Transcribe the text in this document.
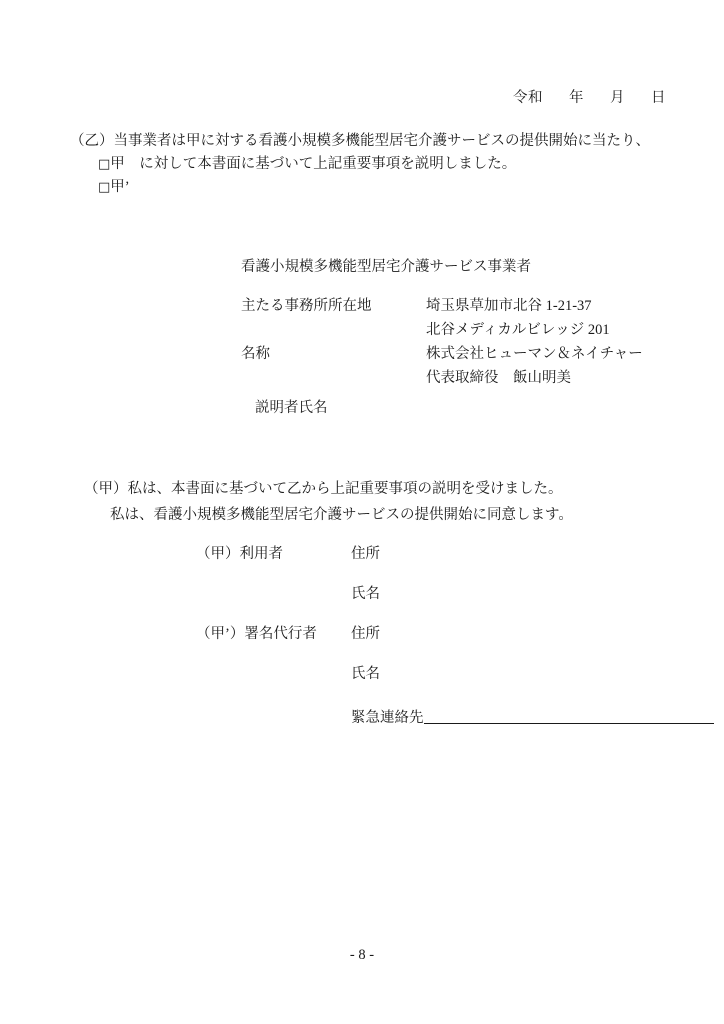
令和 年 月 日
（乙）当事業者は甲に対する看護小規模多機能型居宅介護サービスの提供開始に当たり、
□甲　に対して本書面に基づいて上記重要事項を説明しました。
□甲’
看護小規模多機能型居宅介護サービス事業者
主たる事務所所在地	埼玉県草加市北谷 1-21-37
北谷メディカルビレッジ 201
名称	株式会社ヒューマン＆ネイチャー
代表取締役　飯山明美
説明者氏名
（甲）私は、本書面に基づいて乙から上記重要事項の説明を受けました。
私は、看護小規模多機能型居宅介護サービスの提供開始に同意します。
（甲）利用者	住所
氏名
（甲’）署名代行者	住所
氏名
緊急連絡先
- 8 -
